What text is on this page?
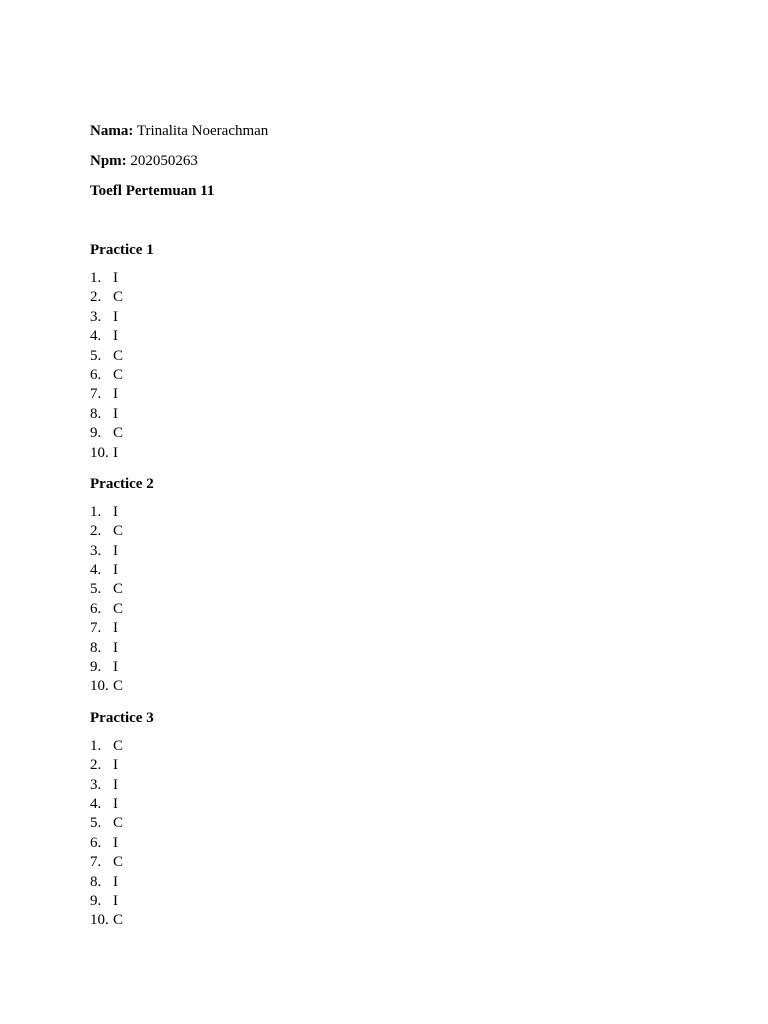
Nama: Trinalita Noerachman
Npm: 202050263
Toefl Pertemuan 11
Practice 1
1. I
2. C
3. I
4. I
5. C
6. C
7. I
8. I
9. C
10. I
Practice 2
1. I
2. C
3. I
4. I
5. C
6. C
7. I
8. I
9. I
10. C
Practice 3
1. C
2. I
3. I
4. I
5. C
6. I
7. C
8. I
9. I
10. C
